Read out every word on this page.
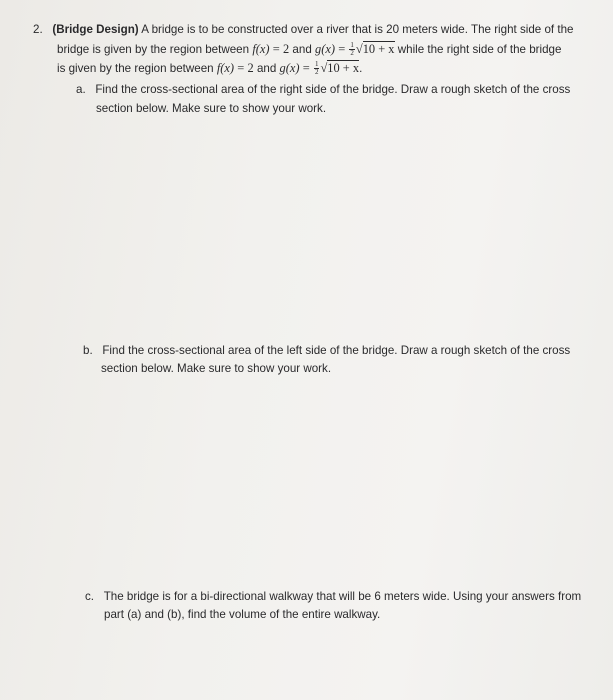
2. (Bridge Design) A bridge is to be constructed over a river that is 20 meters wide. The right side of the
bridge is given by the region between f(x) = 2 and $g(x) = \frac{1}{2} √10 + x$ while the right side of the bridge
is given by the region between f(x) = 2 and $g(x) = \frac{1}{2} √10 + x$.
a. Find the cross-sectional area of the right side of the bridge. Draw a rough sketch of the cross
section below. Make sure to show your work.
b. Find the cross-sectional area of the left side of the bridge. Draw a rough sketch of the cross
section below. Make sure to show your work.
c. The bridge is for a bi-directional walkway that will be 6 meters wide. Using your answers from
part (a) and (b), find the volume of the entire walkway.
